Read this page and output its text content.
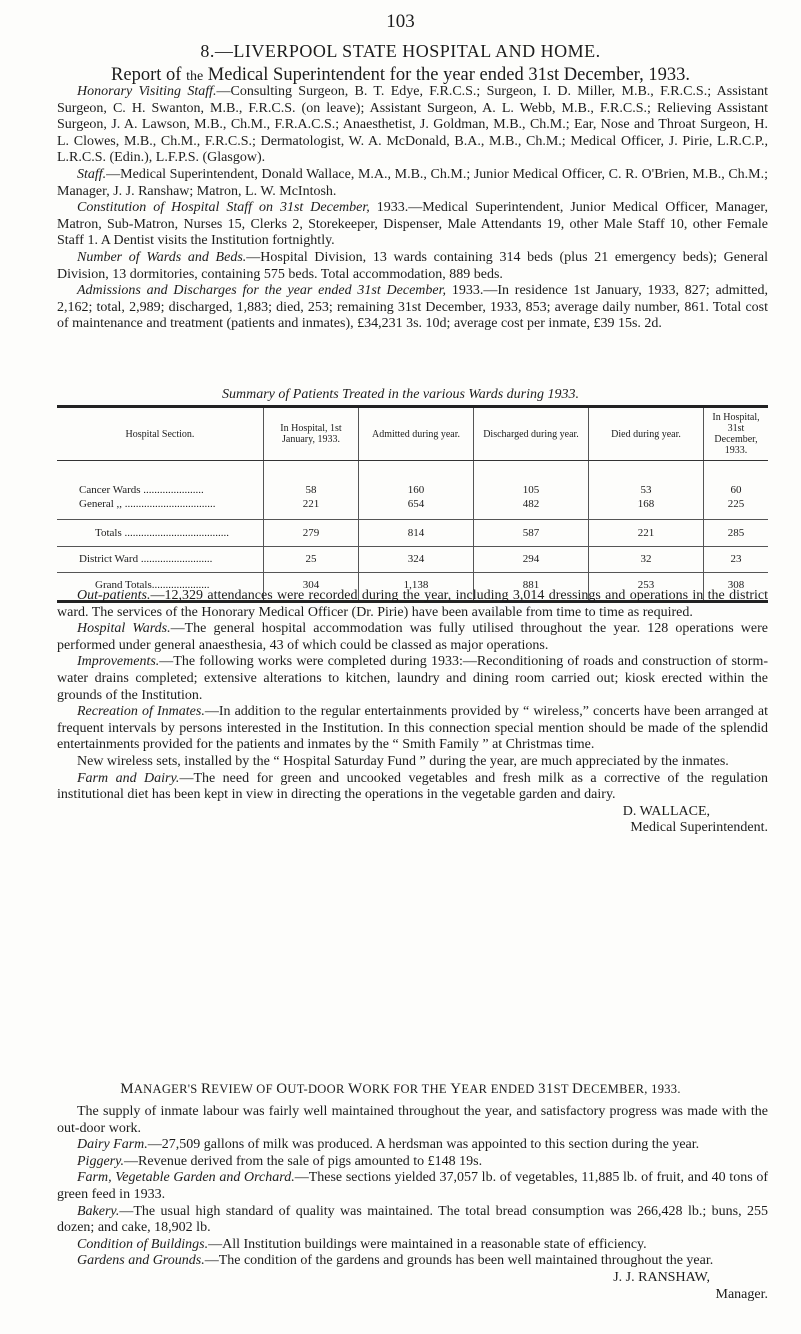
103
8.—LIVERPOOL STATE HOSPITAL AND HOME.
Report of the Medical Superintendent for the year ended 31st December, 1933.

Honorary Visiting Staff.—Consulting Surgeon, B. T. Edye, F.R.C.S.; Surgeon, I. D. Miller, M.B., F.R.C.S.; Assistant Surgeon, C. H. Swanton, M.B., F.R.C.S. (on leave); Assistant Surgeon, A. L. Webb, M.B., F.R.C.S.; Relieving Assistant Surgeon, J. A. Lawson, M.B., Ch.M., F.R.A.C.S.; Anaesthetist, J. Goldman, M.B., Ch.M.; Ear, Nose and Throat Surgeon, H. L. Clowes, M.B., Ch.M., F.R.C.S.; Dermatologist, W. A. McDonald, B.A., M.B., Ch.M.; Medical Officer, J. Pirie, L.R.C.P., L.R.C.S. (Edin.), L.F.P.S. (Glasgow).

Staff.—Medical Superintendent, Donald Wallace, M.A., M.B., Ch.M.; Junior Medical Officer, C. R. O'Brien, M.B., Ch.M.; Manager, J. J. Ranshaw; Matron, L. W. McIntosh.

Constitution of Hospital Staff on 31st December, 1933.—Medical Superintendent, Junior Medical Officer, Manager, Matron, Sub-Matron, Nurses 15, Clerks 2, Storekeeper, Dispenser, Male Attendants 19, other Male Staff 10, other Female Staff 1. A Dentist visits the Institution fortnightly.

Number of Wards and Beds.—Hospital Division, 13 wards containing 314 beds (plus 21 emergency beds); General Division, 13 dormitories, containing 575 beds. Total accommodation, 889 beds.

Admissions and Discharges for the year ended 31st December, 1933.—In residence 1st January, 1933, 827; admitted, 2,162; total, 2,989; discharged, 1,883; died, 253; remaining 31st December, 1933, 853; average daily number, 861. Total cost of maintenance and treatment (patients and inmates), £34,231 3s. 10d; average cost per inmate, £39 15s. 2d.

Summary of Patients Treated in the various Wards during 1933.
Hospital Section.	In Hospital, 1st January, 1933.	Admitted during year.	Discharged during year.	Died during year.	In Hospital, 31st December, 1933.
Cancer Wards ......................	58	160	105	53	60
General ,, .................................	221	654	482	168	225
Totals ......................................	279	814	587	221	285
District Ward ..........................	25	324	294	32	23
Grand Totals.....................	304	1,138	881	253	308

Out-patients.—12,329 attendances were recorded during the year, including 3,014 dressings and operations in the district ward. The services of the Honorary Medical Officer (Dr. Pirie) have been available from time to time as required.

Hospital Wards.—The general hospital accommodation was fully utilised throughout the year. 128 operations were performed under general anaesthesia, 43 of which could be classed as major operations.

Improvements.—The following works were completed during 1933:—Reconditioning of roads and construction of storm-water drains completed; extensive alterations to kitchen, laundry and dining room carried out; kiosk erected within the grounds of the Institution.

Recreation of Inmates.—In addition to the regular entertainments provided by “ wireless,” concerts have been arranged at frequent intervals by persons interested in the Institution. In this connection special mention should be made of the splendid entertainments provided for the patients and inmates by the “ Smith Family ” at Christmas time.

New wireless sets, installed by the “ Hospital Saturday Fund ” during the year, are much appreciated by the inmates.

Farm and Dairy.—The need for green and uncooked vegetables and fresh milk as a corrective of the regulation institutional diet has been kept in view in directing the operations in the vegetable garden and dairy.

D. WALLACE,
Medical Superintendent.
MANAGER'S REVIEW OF OUT-DOOR WORK FOR THE YEAR ENDED 31ST DECEMBER, 1933.

The supply of inmate labour was fairly well maintained throughout the year, and satisfactory progress was made with the out-door work.

Dairy Farm.—27,509 gallons of milk was produced. A herdsman was appointed to this section during the year.

Piggery.—Revenue derived from the sale of pigs amounted to £148 19s.

Farm, Vegetable Garden and Orchard.—These sections yielded 37,057 lb. of vegetables, 11,885 lb. of fruit, and 40 tons of green feed in 1933.

Bakery.—The usual high standard of quality was maintained. The total bread consumption was 266,428 lb.; buns, 255 dozen; and cake, 18,902 lb.

Condition of Buildings.—All Institution buildings were maintained in a reasonable state of efficiency.

Gardens and Grounds.—The condition of the gardens and grounds has been well maintained throughout the year.

J. J. RANSHAW,
Manager.
